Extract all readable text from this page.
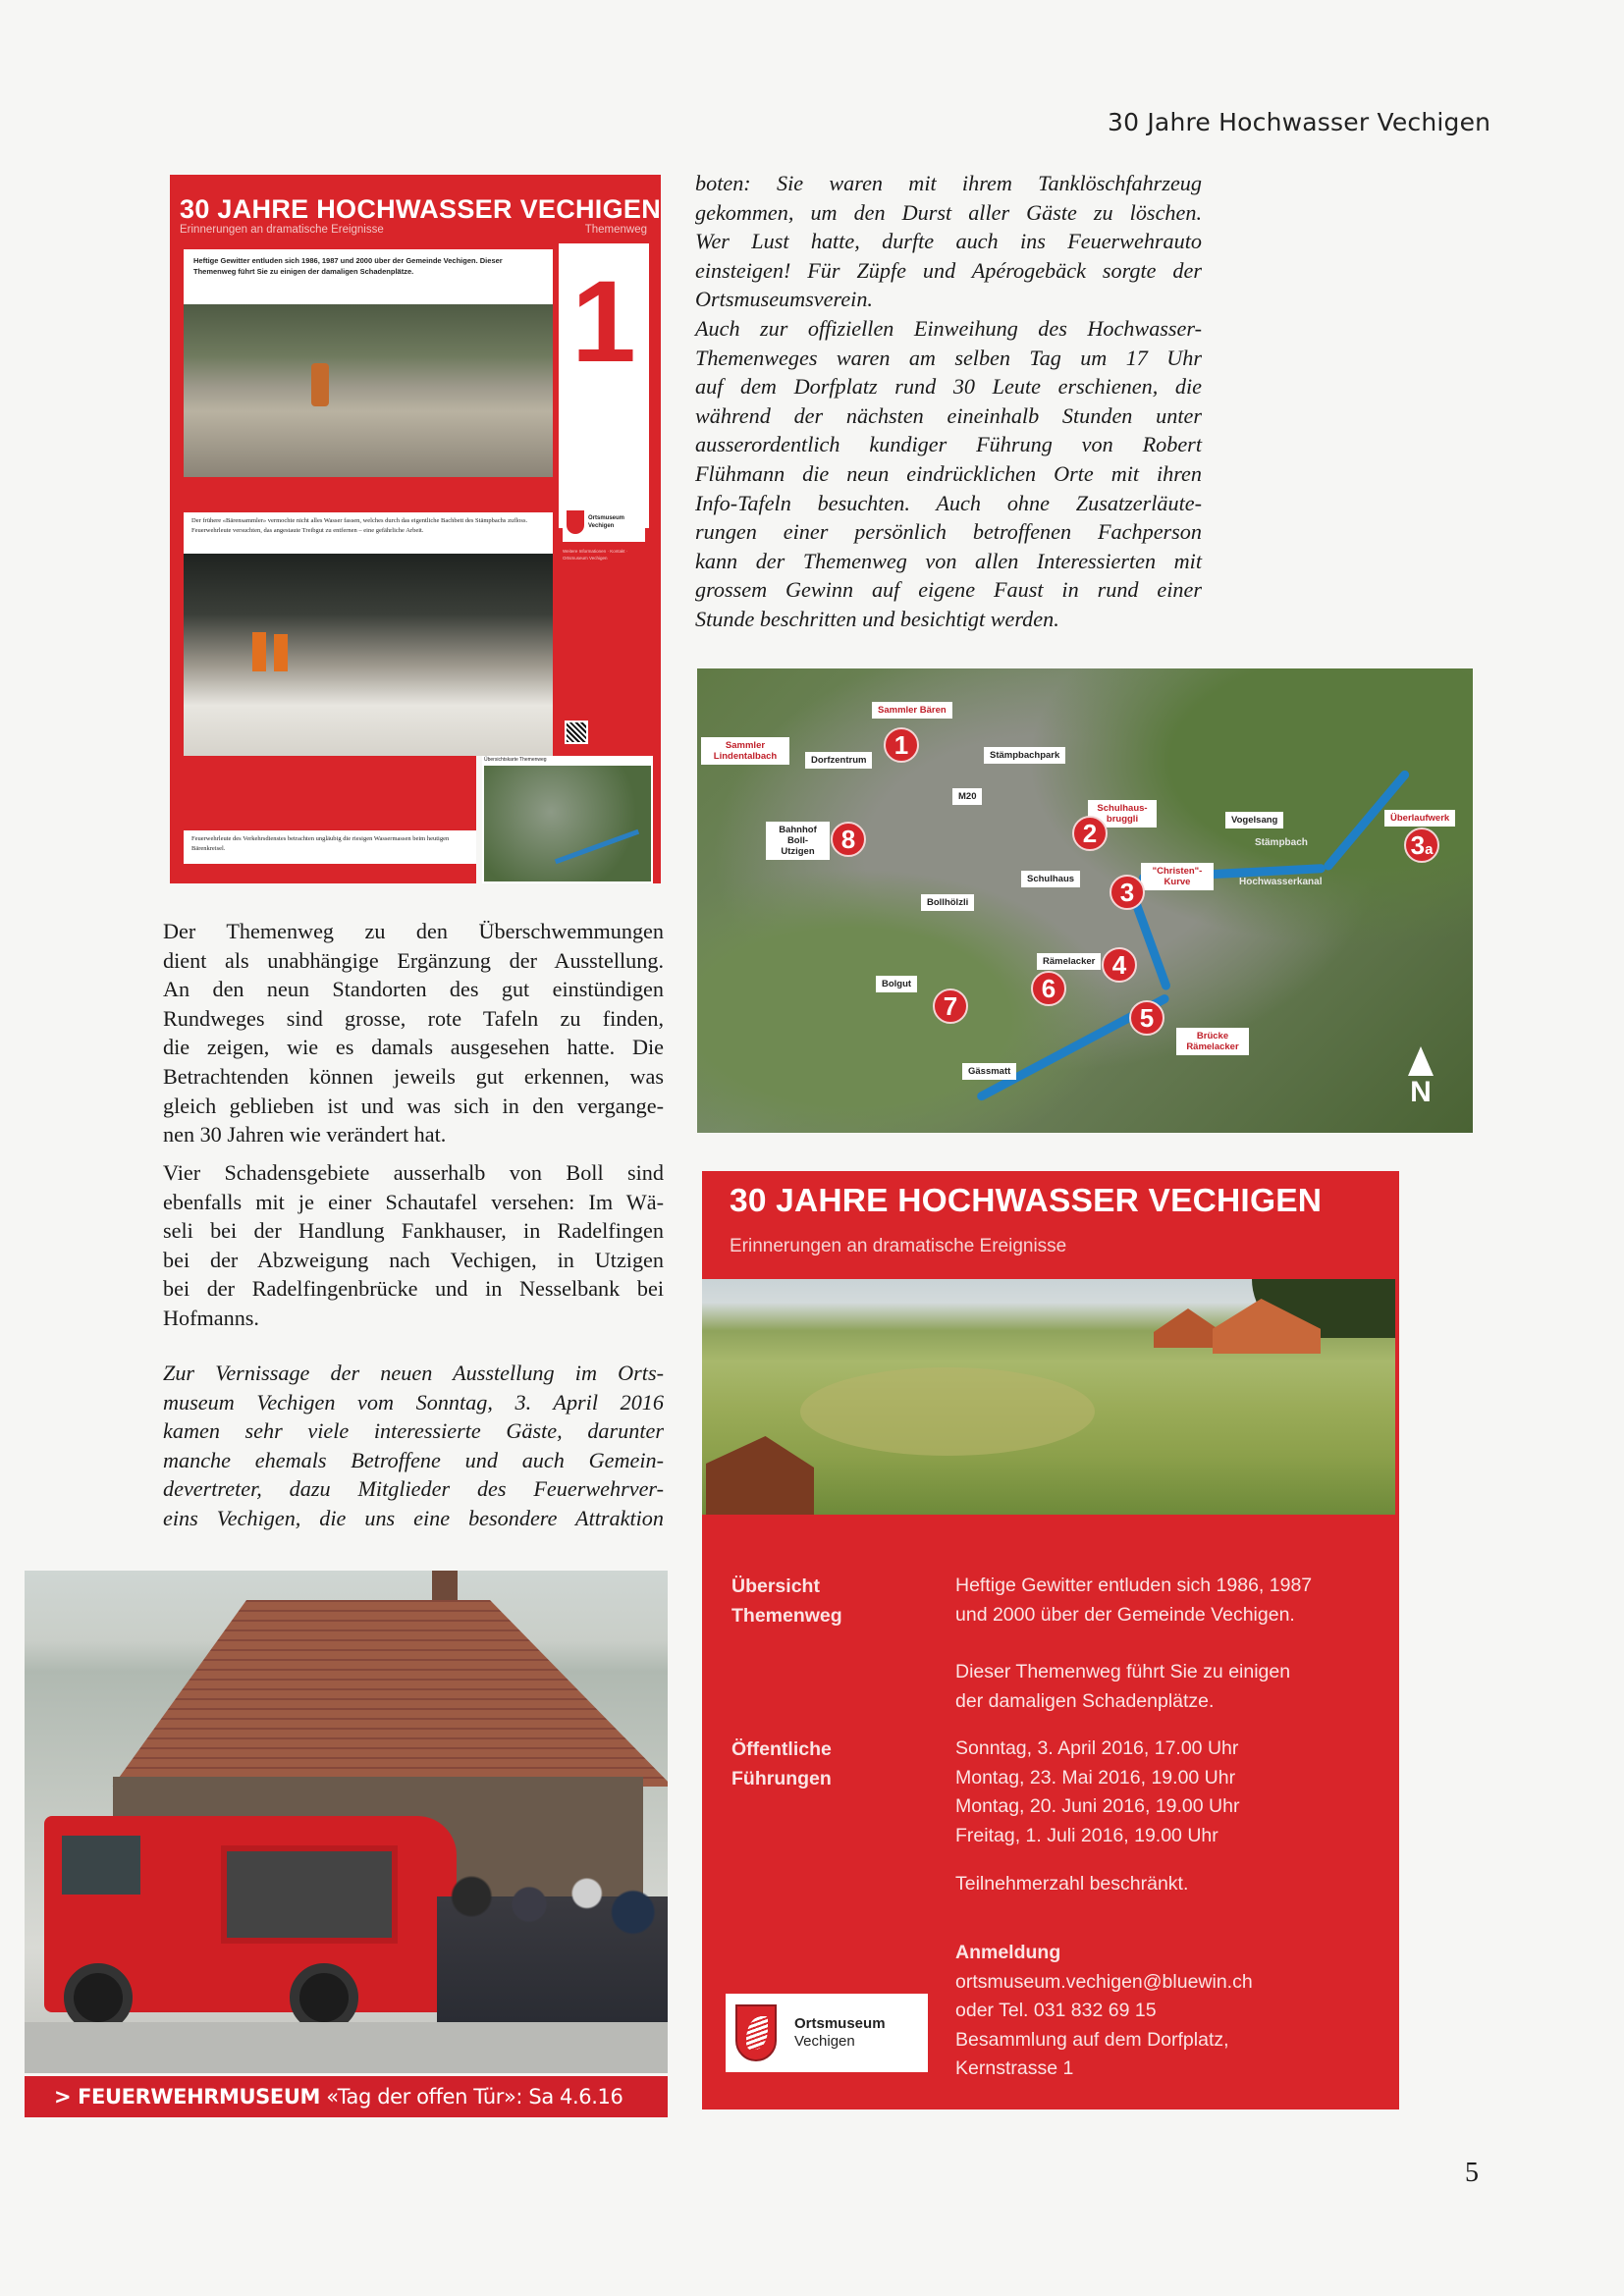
30 Jahre Hochwasser Vechigen
30 JAHRE HOCHWASSER VECHIGEN
Erinnerungen an dramatische Ereignisse	Themenweg
Heftige Gewitter entluden sich 1986, 1987 und 2000 über der Gemeinde Vechigen. Dieser Themenweg führt Sie zu einigen der damaligen Schadenplätze.	1
Der frühere «Bärensammler» vermochte nicht alles Wasser fassen, welches durch das eigentliche Bachbett des Stämpbachs zufloss. Feuerwehrleute versuchten, das angestaute Treibgut zu entfernen – eine gefährliche Arbeit.
Ortsmuseum
Vechigen
Weitere Informationen · Kontakt · Ortsmuseum Vechigen
Übersichtskarte Themenweg
Feuerwehrleute des Verkehrsdienstes betrachten ungläubig die riesigen Wassermassen beim heutigen Bärenkreisel.
boten: Sie waren mit ihrem Tanklöschfahrzeug
gekommen, um den Durst aller Gäste zu löschen.
Wer Lust hatte, durfte auch ins Feuerwehrauto
einsteigen! Für Züpfe und Apérogebäck sorgte der
Ortsmuseumsverein.
Auch zur offiziellen Einweihung des Hochwasser-
Themenweges waren am selben Tag um 17 Uhr
auf dem Dorfplatz rund 30 Leute erschienen, die
während der nächsten eineinhalb Stunden unter
ausserordentlich kundiger Führung von Robert
Flühmann die neun eindrücklichen Orte mit ihren
Info-Tafeln besuchten. Auch ohne Zusatzerläute-
rungen einer persönlich betroffenen Fachperson
kann der Themenweg von allen Interessierten mit
grossem Gewinn auf eigene Faust in rund einer
Stunde beschritten und besichtigt werden.
Sammler Bären
Sammler Lindentalbach	Dorfzentrum	Stämpbachpark
M20
Bahnhof Boll-Utzigen
Schulhaus-bruggli	Vogelsang	Überlaufwerk
"Christen"-Kurve
Schulhaus
Bollhölzli
Rämelacker
Bolgut
Gässmatt
Brücke Rämelacker
Stämpbach
Hochwasserkanal
1
2
3
3a
4
5
6
7
8
N
Der Themenweg zu den Überschwemmungen
dient als unabhängige Ergänzung der Ausstellung.
An den neun Standorten des gut einstündigen
Rundweges sind grosse, rote Tafeln zu finden,
die zeigen, wie es damals ausgesehen hatte. Die
Betrachtenden können jeweils gut erkennen, was
gleich geblieben ist und was sich in den vergange-
nen 30 Jahren wie verändert hat.
Vier Schadensgebiete ausserhalb von Boll sind
ebenfalls mit je einer Schautafel versehen: Im Wä-
seli bei der Handlung Fankhauser, in Radelfingen
bei der Abzweigung nach Vechigen, in Utzigen
bei der Radelfingenbrücke und in Nesselbank bei
Hofmanns.
Zur Vernissage der neuen Ausstellung im Orts-
museum Vechigen vom Sonntag, 3. April 2016
kamen sehr viele interessierte Gäste, darunter
manche ehemals Betroffene und auch Gemein-
devertreter, dazu Mitglieder des Feuerwehrver-
eins Vechigen, die uns eine besondere Attraktion
30 JAHRE HOCHWASSER VECHIGEN
Erinnerungen an dramatische Ereignisse
Übersicht
Themenweg
Heftige Gewitter entluden sich 1986, 1987
und 2000 über der Gemeinde Vechigen.
Dieser Themenweg führt Sie zu einigen
der damaligen Schadenplätze.
Öffentliche
Führungen
Sonntag, 3. April 2016, 17.00 Uhr
Montag, 23. Mai 2016, 19.00 Uhr
Montag, 20. Juni 2016, 19.00 Uhr
Freitag, 1. Juli 2016, 19.00 Uhr
Teilnehmerzahl beschränkt.
Anmeldung
ortsmuseum.vechigen@bluewin.ch
oder Tel. 031 832 69 15
Besammlung auf dem Dorfplatz,
Kernstrasse 1
Ortsmuseum
Vechigen
> FEUERWEHRMUSEUM «Tag der offen Tür»: Sa 4.6.16
5
